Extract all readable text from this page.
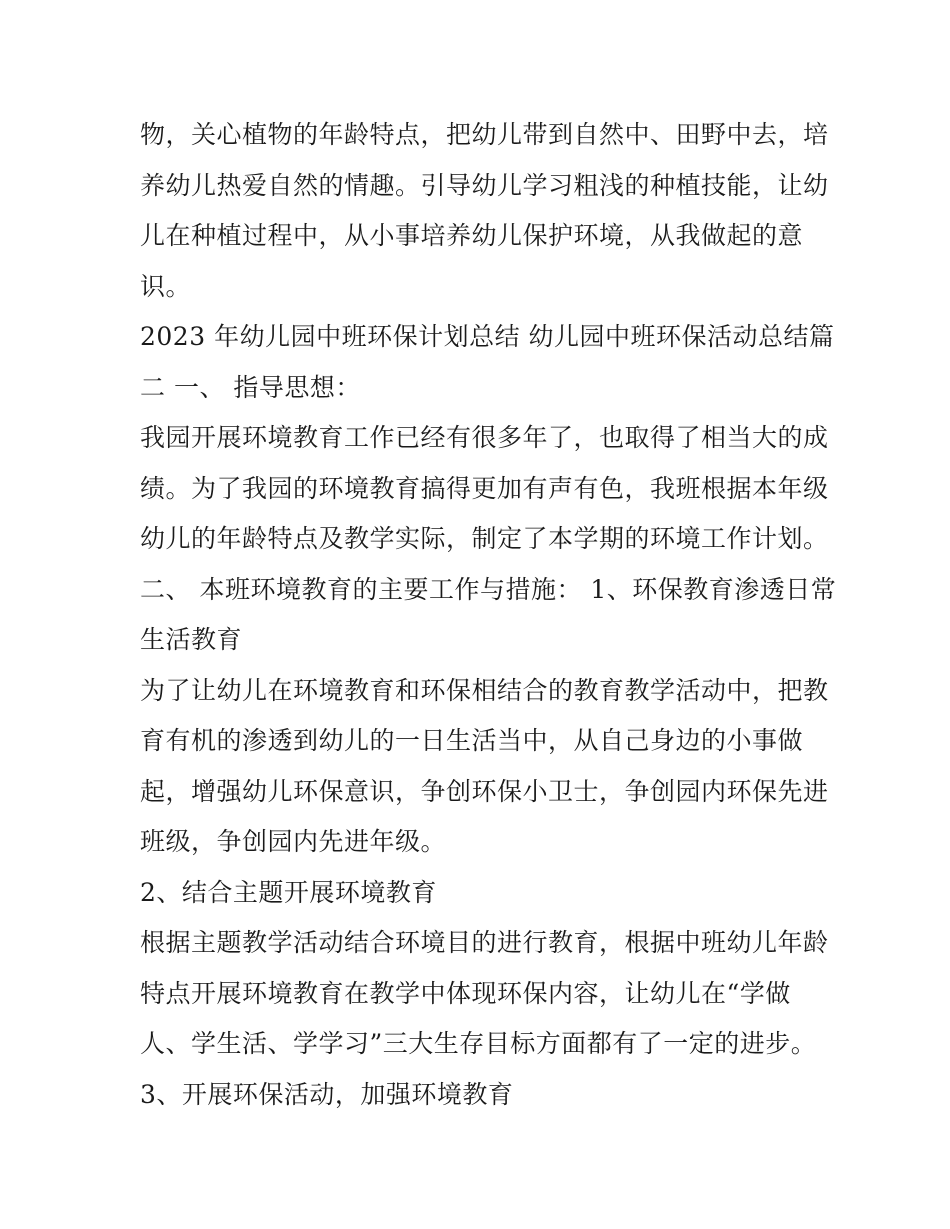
物，关心植物的年龄特点，把幼儿带到自然中、田野中去，培
养幼儿热爱自然的情趣。引导幼儿学习粗浅的种植技能，让幼
儿在种植过程中，从小事培养幼儿保护环境，从我做起的意
识。
2023 年幼儿园中班环保计划总结 幼儿园中班环保活动总结篇
二 一、 指导思想：
我园开展环境教育工作已经有很多年了，也取得了相当大的成
绩。为了我园的环境教育搞得更加有声有色，我班根据本年级
幼儿的年龄特点及教学实际，制定了本学期的环境工作计划。
二、 本班环境教育的主要工作与措施： 1、环保教育渗透日常
生活教育
为了让幼儿在环境教育和环保相结合的教育教学活动中，把教
育有机的渗透到幼儿的一日生活当中，从自己身边的小事做
起，增强幼儿环保意识，争创环保小卫士，争创园内环保先进
班级，争创园内先进年级。
2、结合主题开展环境教育
根据主题教学活动结合环境目的进行教育，根据中班幼儿年龄
特点开展环境教育在教学中体现环保内容，让幼儿在“学做
人、学生活、学学习”三大生存目标方面都有了一定的进步。
3、开展环保活动，加强环境教育
